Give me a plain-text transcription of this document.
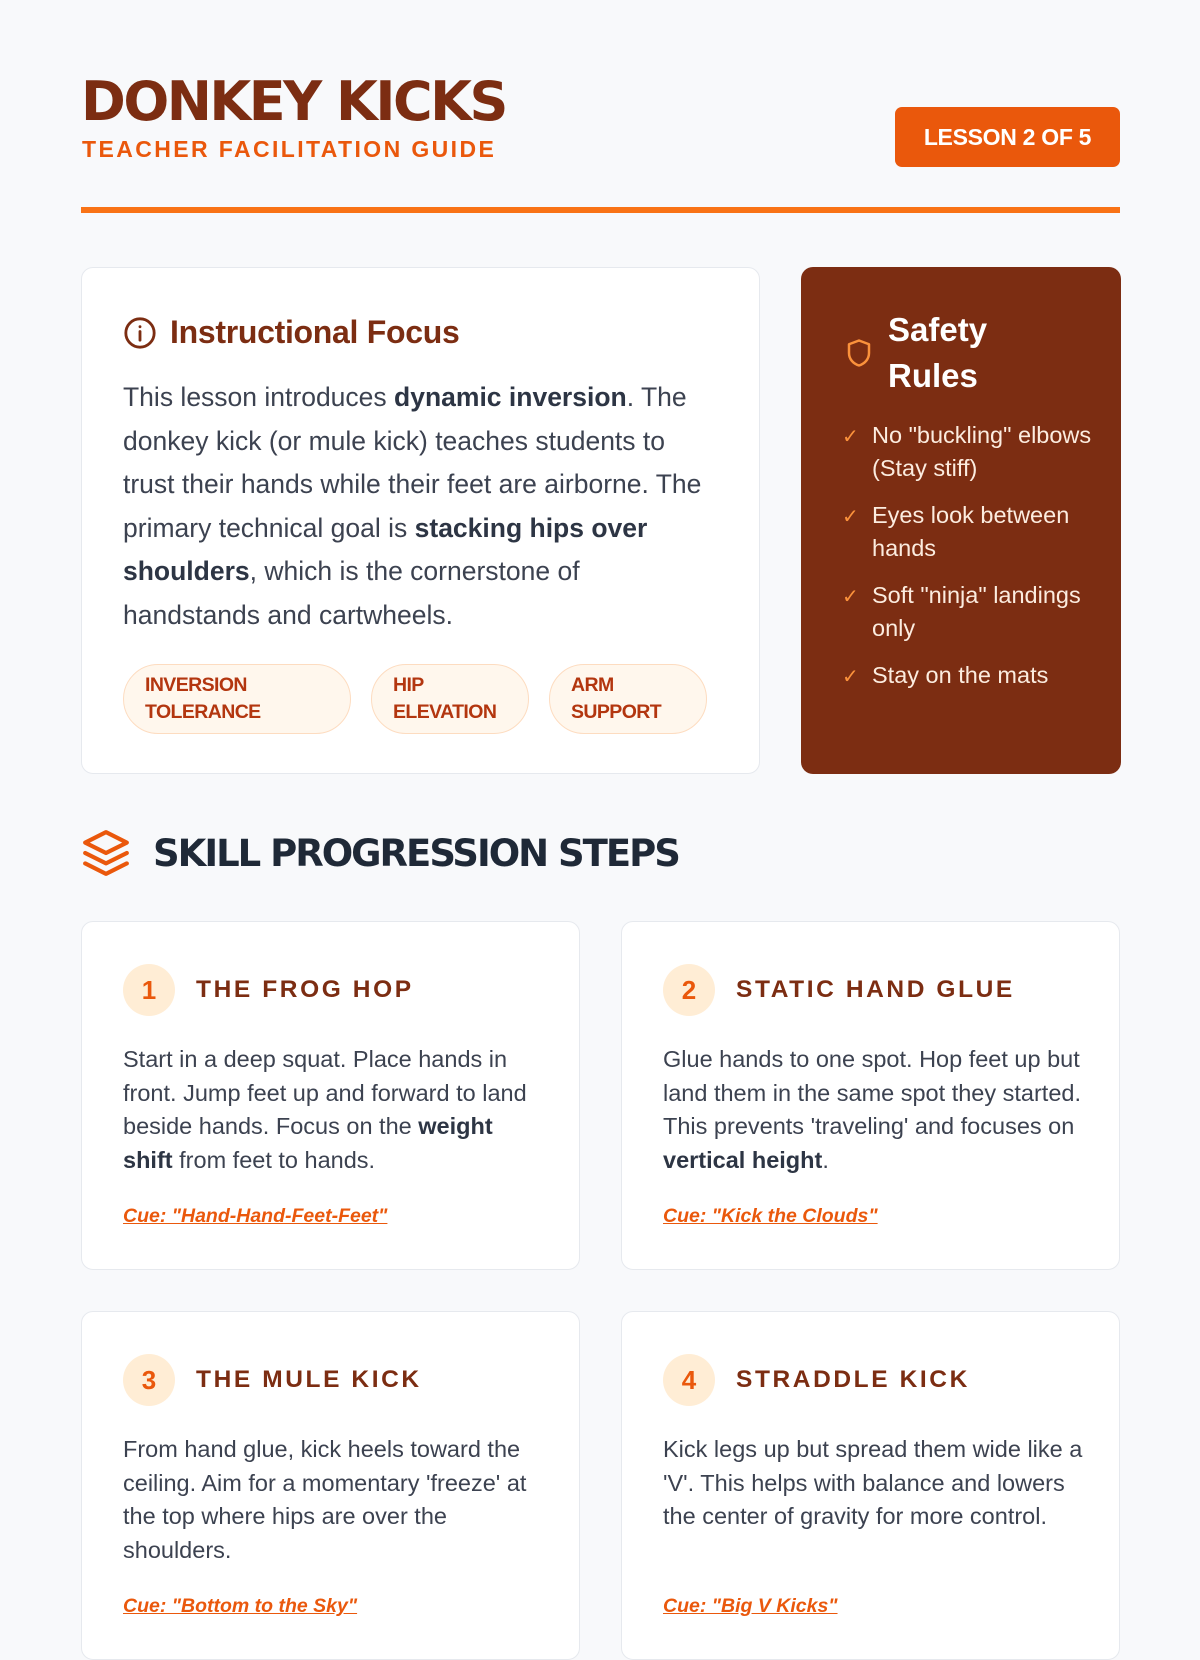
DONKEY KICKS
TEACHER FACILITATION GUIDE	LESSON 2 OF 5
Instructional Focus

This lesson introduces dynamic inversion. The donkey kick (or mule kick) teaches students to trust their hands while their feet are airborne. The primary technical goal is stacking hips over shoulders, which is the cornerstone of handstands and cartwheels.

INVERSION TOLERANCE
HIP ELEVATION
ARM SUPPORT
Safety Rules
✓ No "buckling" elbows (Stay stiff)
✓ Eyes look between hands
✓ Soft "ninja" landings only
✓ Stay on the mats
SKILL PROGRESSION STEPS
1	THE FROG HOP

Start in a deep squat. Place hands in front. Jump feet up and forward to land beside hands. Focus on the weight shift from feet to hands.

Cue: "Hand-Hand-Feet-Feet"
2	STATIC HAND GLUE

Glue hands to one spot. Hop feet up but land them in the same spot they started. This prevents 'traveling' and focuses on vertical height.

Cue: "Kick the Clouds"
3	THE MULE KICK

From hand glue, kick heels toward the ceiling. Aim for a momentary 'freeze' at the top where hips are over the shoulders.

Cue: "Bottom to the Sky"
4	STRADDLE KICK

Kick legs up but spread them wide like a 'V'. This helps with balance and lowers the center of gravity for more control.

Cue: "Big V Kicks"
